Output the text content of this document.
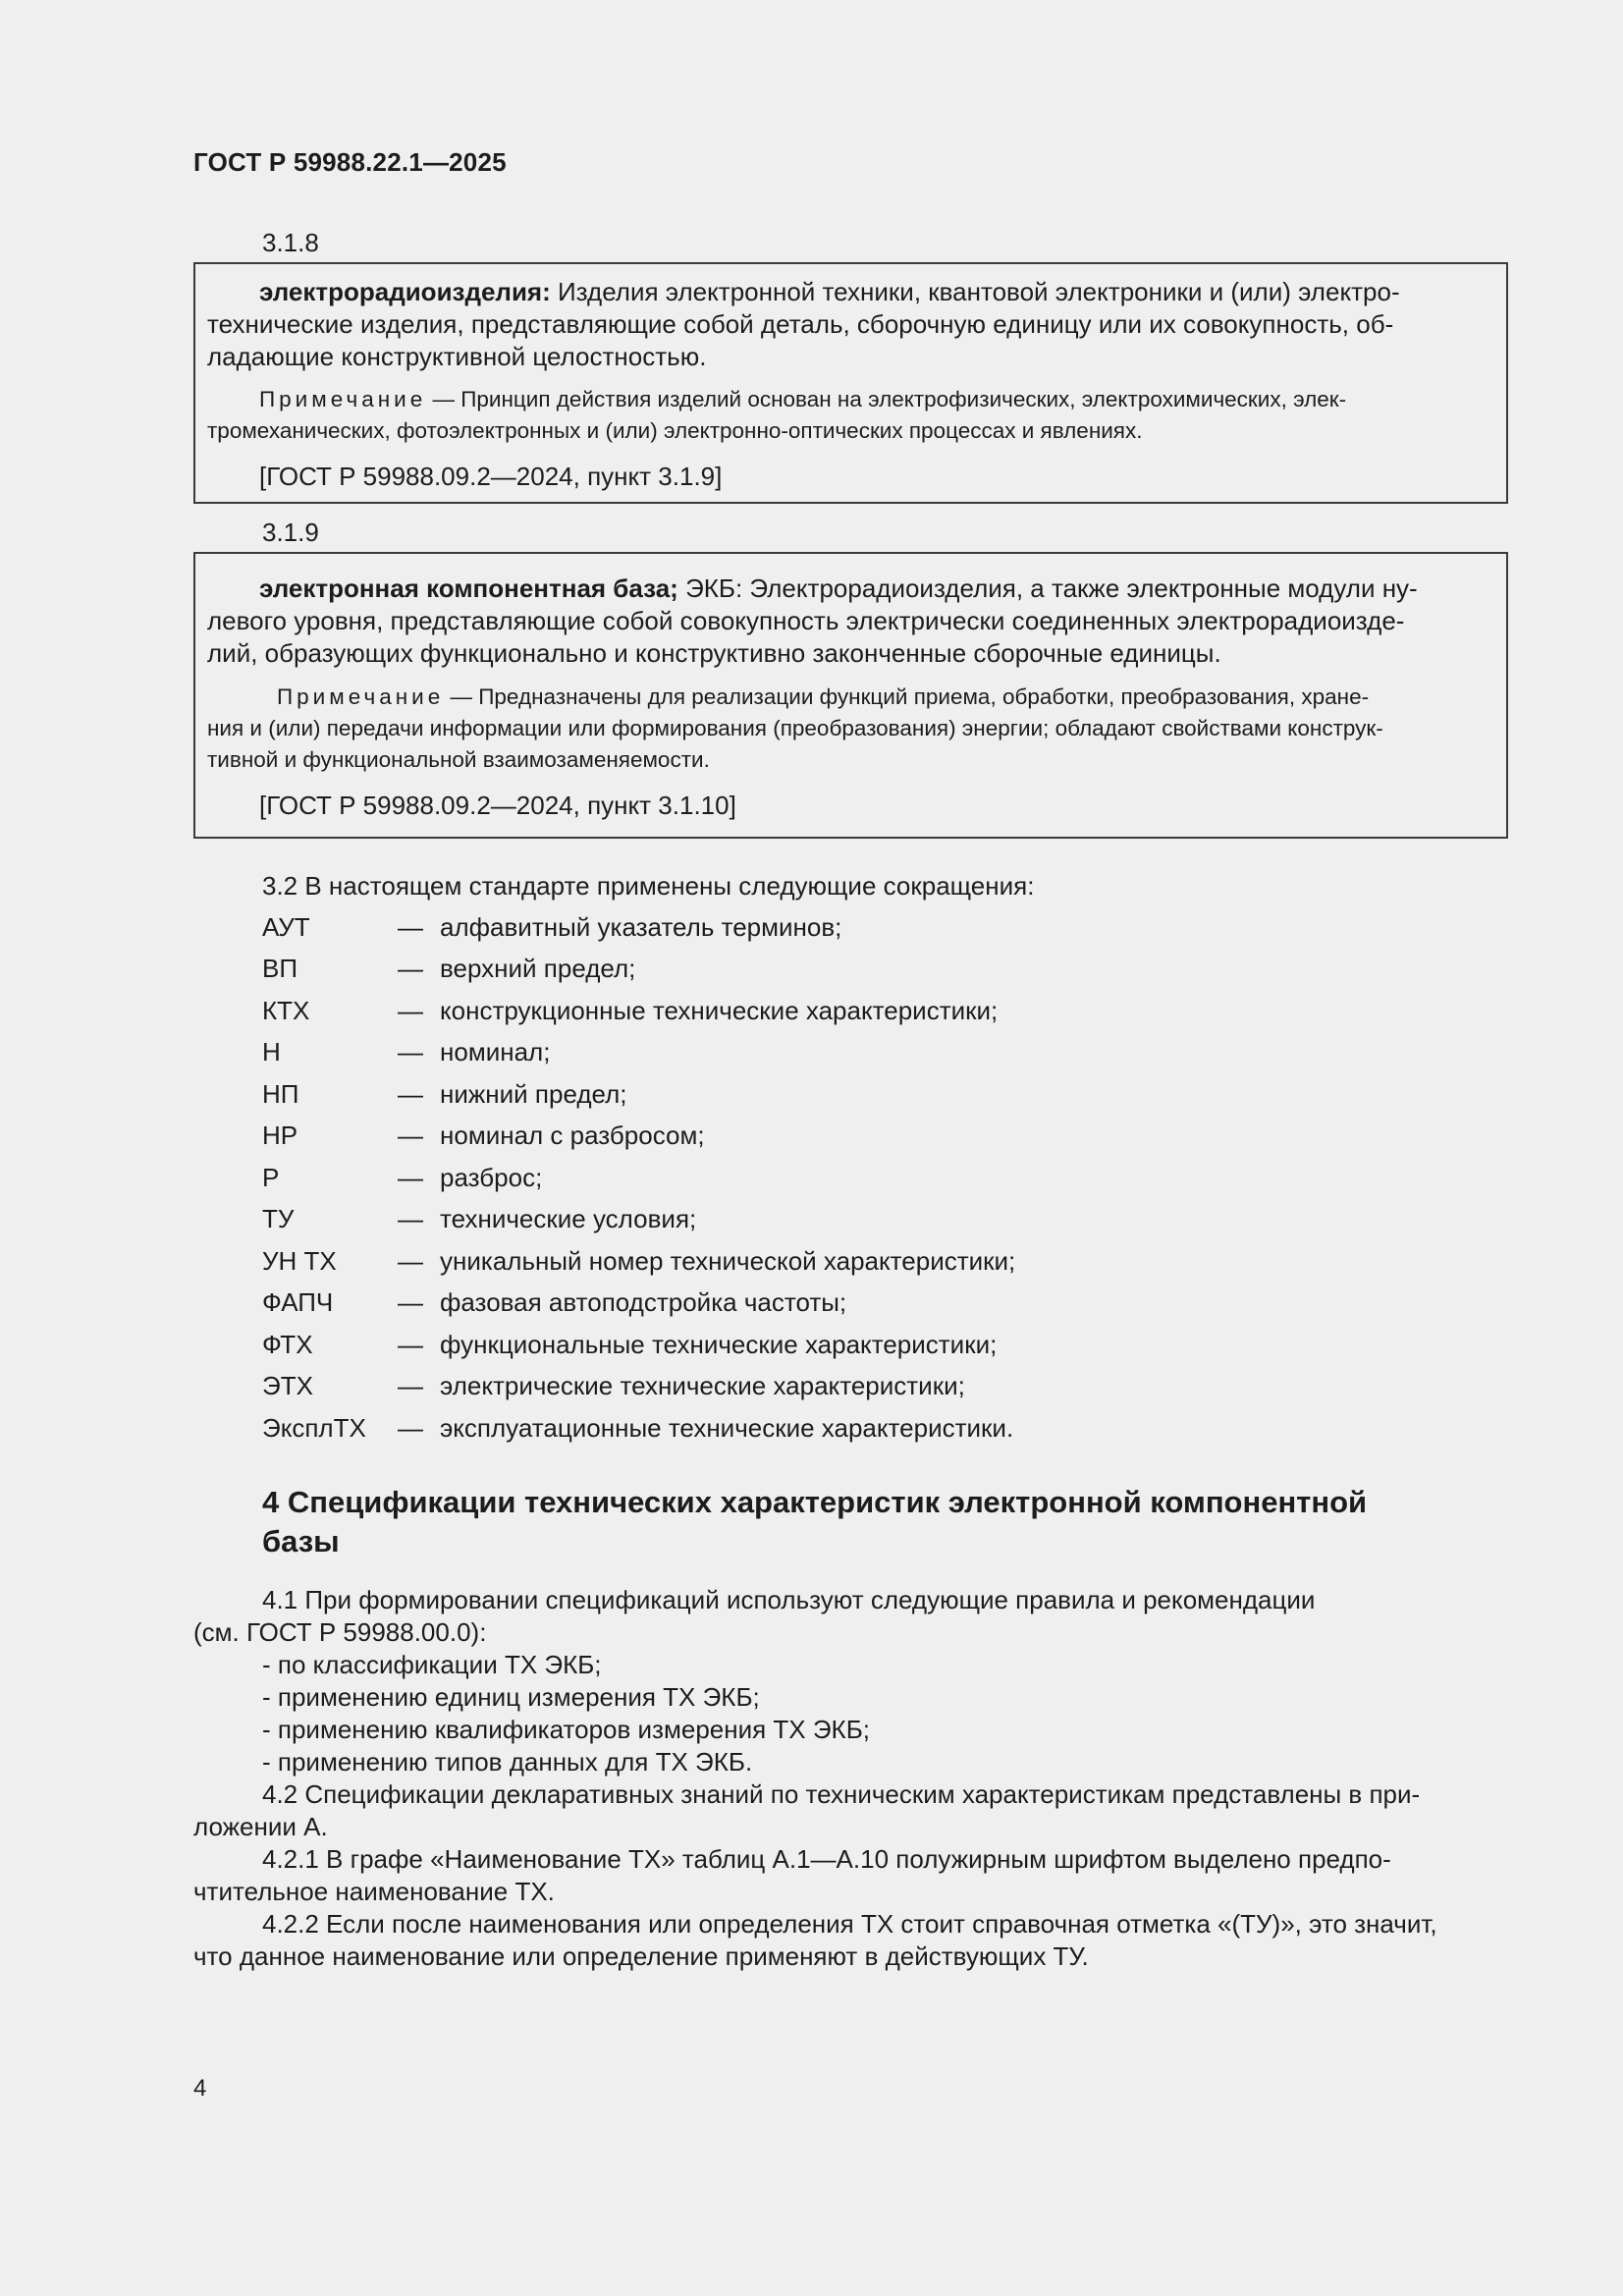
ГОСТ Р 59988.22.1—2025
3.1.8
электрорадиоизделия: Изделия электронной техники, квантовой электроники и (или) электро-
технические изделия, представляющие собой деталь, сборочную единицу или их совокупность, об-
ладающие конструктивной целостностью.
Примечание — Принцип действия изделий основан на электрофизических, электрохимических, элек-
тромеханических, фотоэлектронных и (или) электронно-оптических процессах и явлениях.
[ГОСТ Р 59988.09.2—2024, пункт 3.1.9]
3.1.9
электронная компонентная база; ЭКБ: Электрорадиоизделия, а также электронные модули ну-
левого уровня, представляющие собой совокупность электрически соединенных электрорадиоизде-
лий, образующих функционально и конструктивно законченные сборочные единицы.
Примечание — Предназначены для реализации функций приема, обработки, преобразования, хране-
ния и (или) передачи информации или формирования (преобразования) энергии; обладают свойствами конструк-
тивной и функциональной взаимозаменяемости.
[ГОСТ Р 59988.09.2—2024, пункт 3.1.10]
3.2 В настоящем стандарте применены следующие сокращения:
АУТ	— алфавитный указатель терминов;
ВП	— верхний предел;
КТХ	— конструкционные технические характеристики;
Н	— номинал;
НП	— нижний предел;
НР	— номинал с разбросом;
Р	— разброс;
ТУ	— технические условия;
УН ТХ — уникальный номер технической характеристики;
ФАПЧ	— фазовая автоподстройка частоты;
ФТХ	— функциональные технические характеристики;
ЭТХ	— электрические технические характеристики;
ЭксплТХ — эксплуатационные технические характеристики.
4 Спецификации технических характеристик электронной компонентной
базы
4.1 При формировании спецификаций используют следующие правила и рекомендации
(см. ГОСТ Р 59988.00.0):
- по классификации ТХ ЭКБ;
- применению единиц измерения ТХ ЭКБ;
- применению квалификаторов измерения ТХ ЭКБ;
- применению типов данных для ТХ ЭКБ.
4.2 Спецификации декларативных знаний по техническим характеристикам представлены в при-
ложении А.
4.2.1 В графе «Наименование ТХ» таблиц А.1—А.10 полужирным шрифтом выделено предпо-
чтительное наименование ТХ.
4.2.2 Если после наименования или определения ТХ стоит справочная отметка «(ТУ)», это значит,
что данное наименование или определение применяют в действующих ТУ.
4
